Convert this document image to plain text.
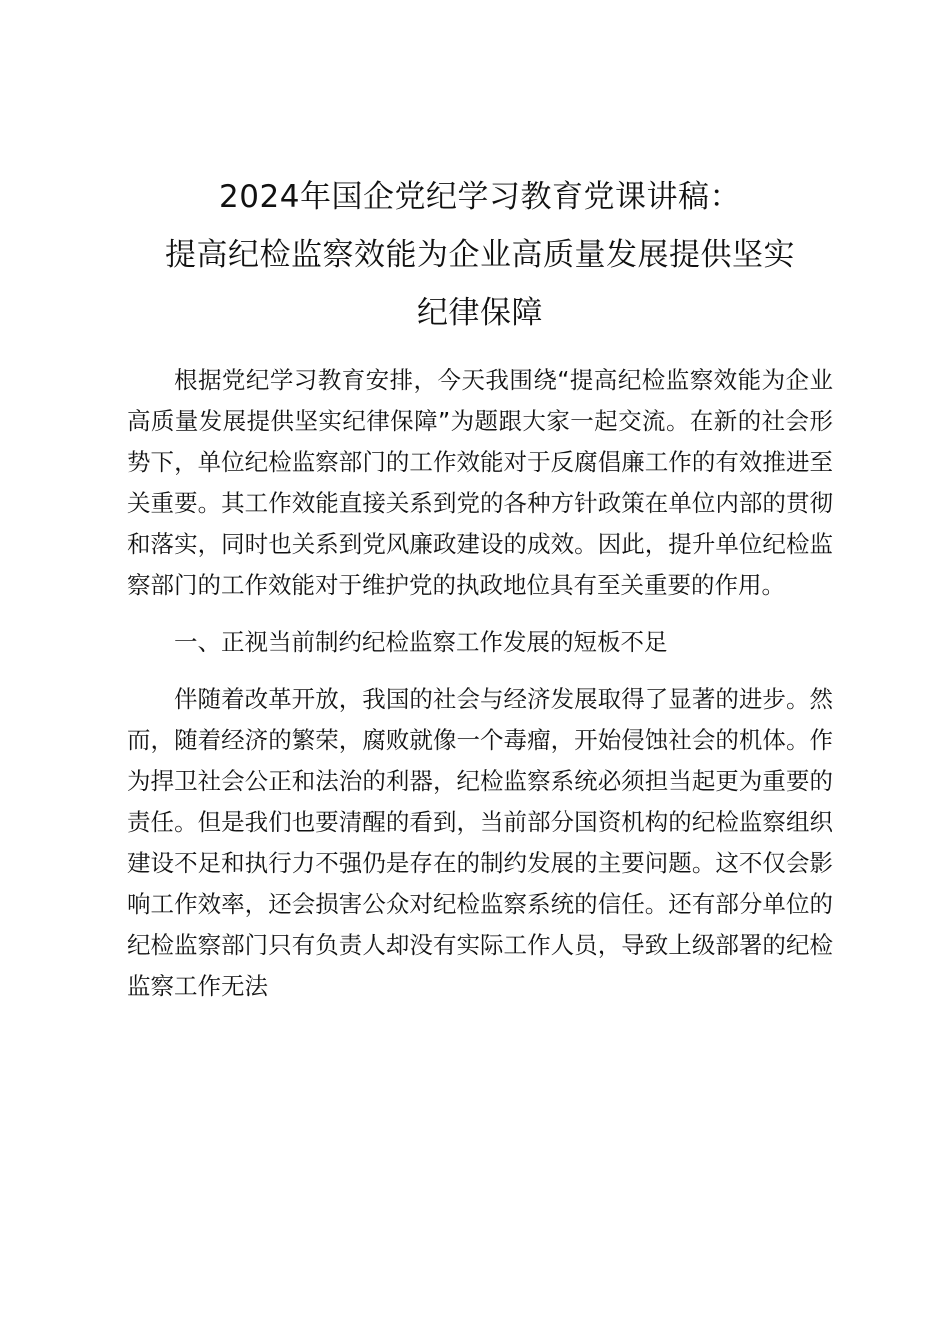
2024年国企党纪学习教育党课讲稿：
提高纪检监察效能为企业高质量发展提供坚实
纪律保障

根据党纪学习教育安排，今天我围绕“提高纪检监察效能为企业高质量发展提供坚实纪律保障”为题跟大家一起交流。在新的社会形势下，单位纪检监察部门的工作效能对于反腐倡廉工作的有效推进至关重要。其工作效能直接关系到党的各种方针政策在单位内部的贯彻和落实，同时也关系到党风廉政建设的成效。因此，提升单位纪检监察部门的工作效能对于维护党的执政地位具有至关重要的作用。

一、正视当前制约纪检监察工作发展的短板不足

伴随着改革开放，我国的社会与经济发展取得了显著的进步。然而，随着经济的繁荣，腐败就像一个毒瘤，开始侵蚀社会的机体。作为捍卫社会公正和法治的利器，纪检监察系统必须担当起更为重要的责任。但是我们也要清醒的看到，当前部分国资机构的纪检监察组织建设不足和执行力不强仍是存在的制约发展的主要问题。这不仅会影响工作效率，还会损害公众对纪检监察系统的信任。还有部分单位的纪检监察部门只有负责人却没有实际工作人员，导致上级部署的纪检监察工作无法
